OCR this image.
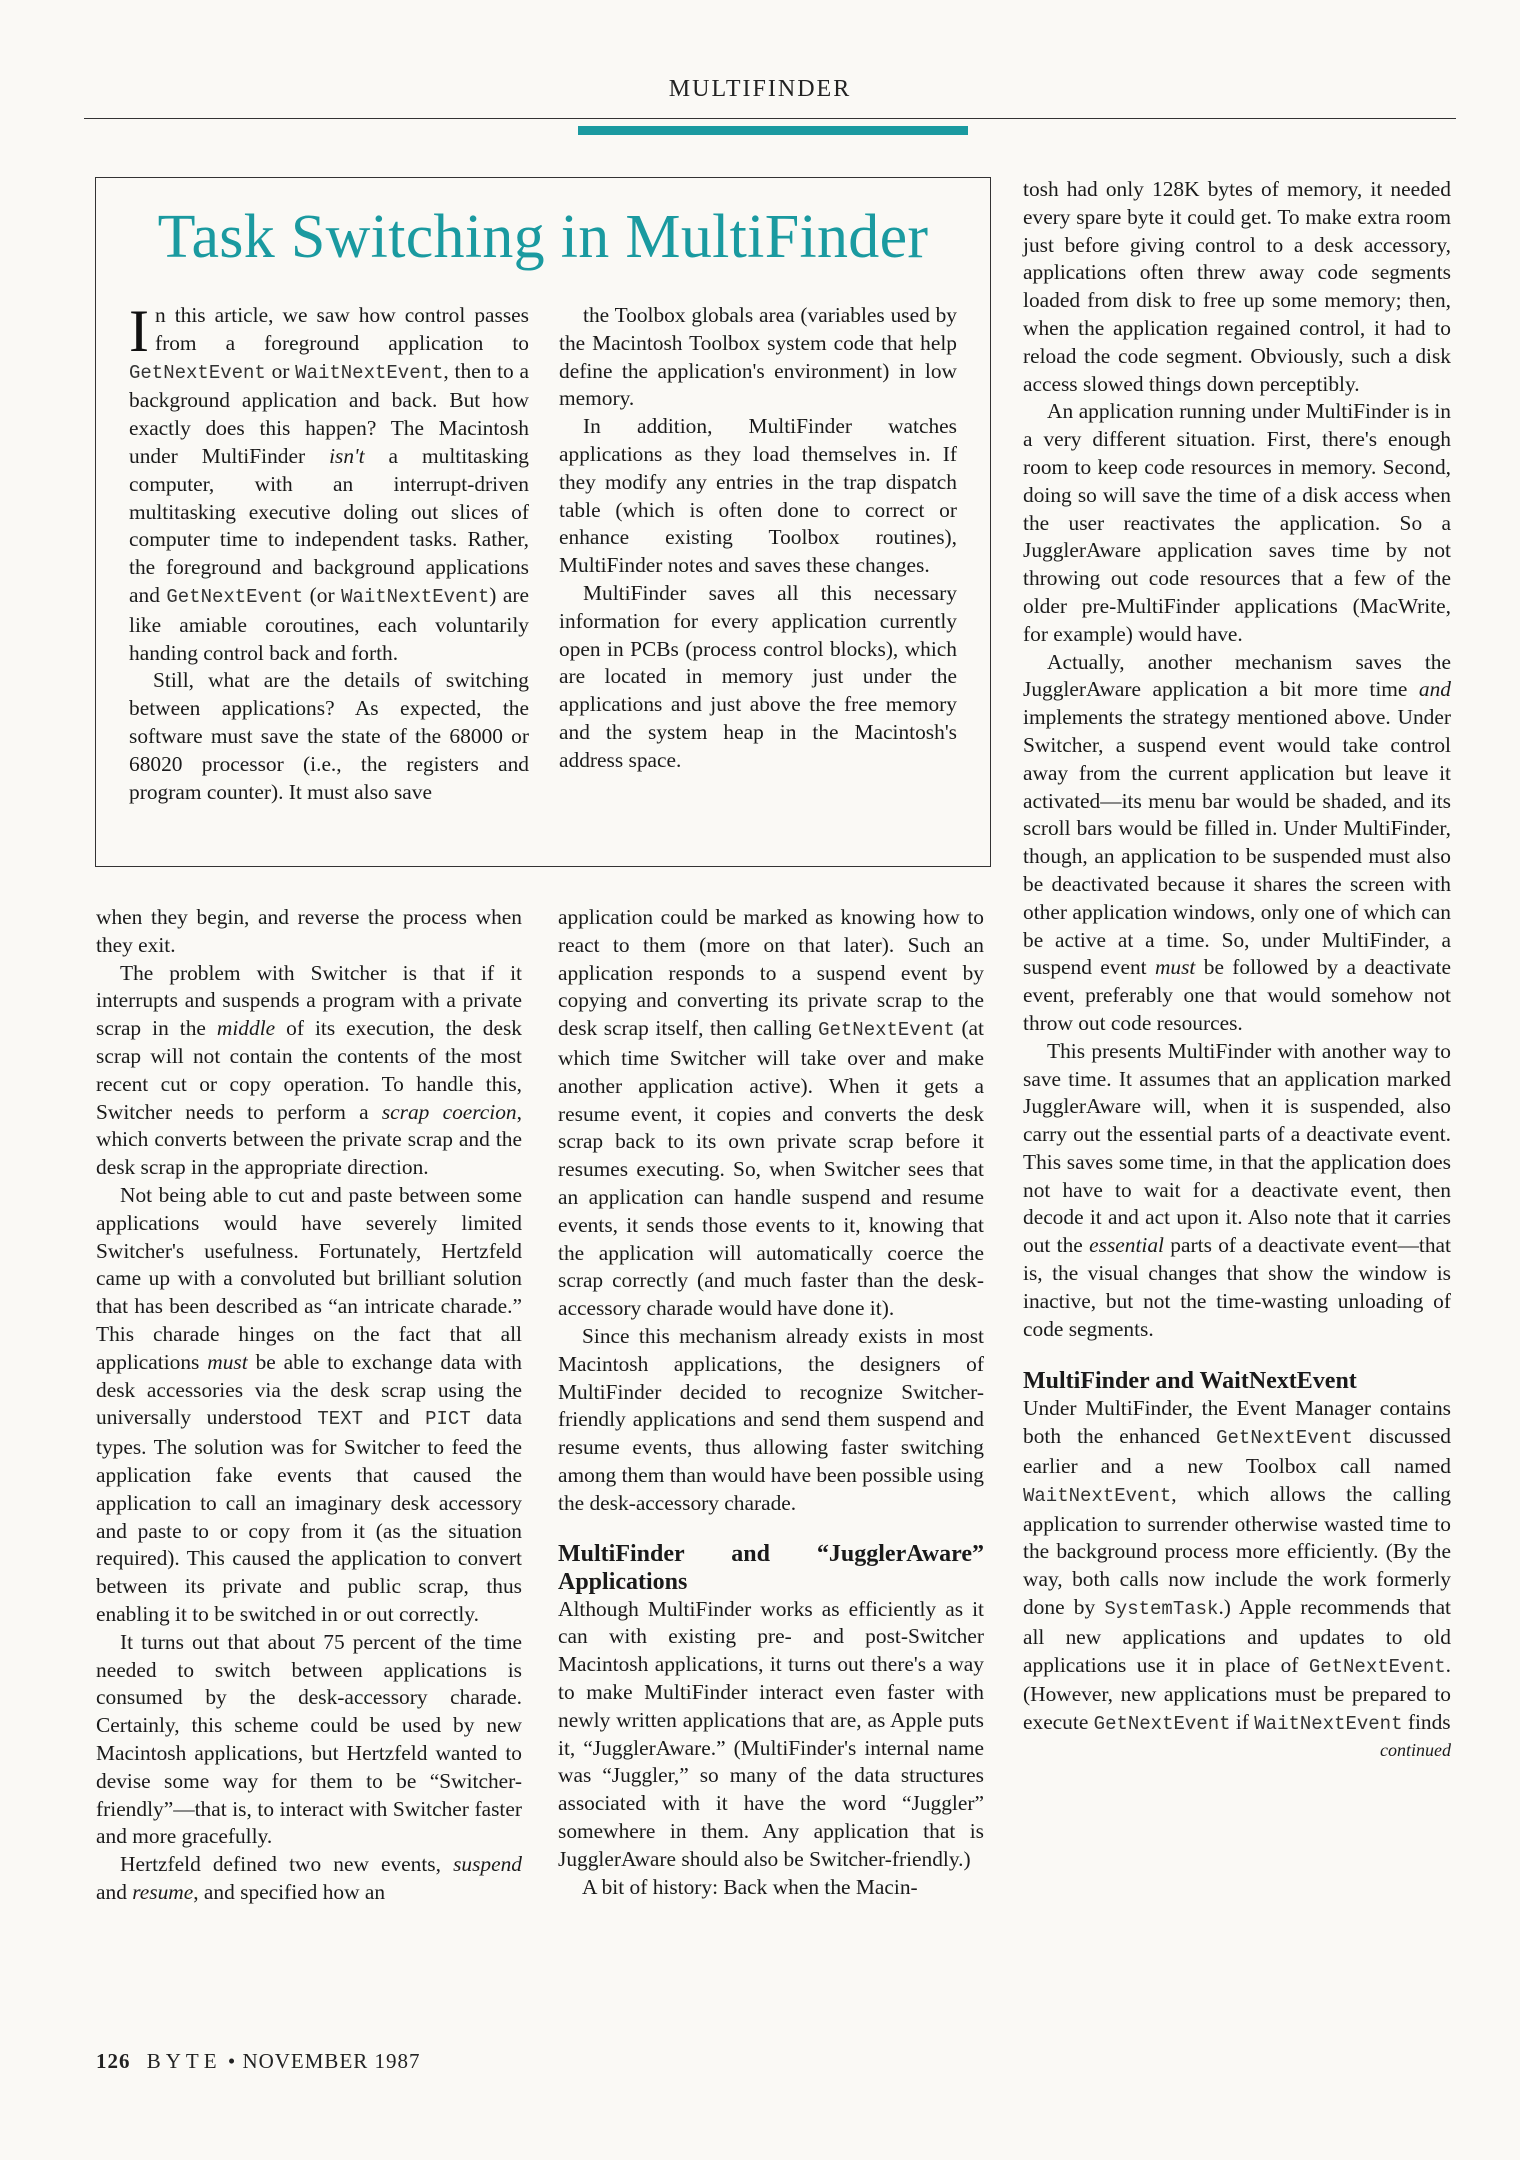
MULTIFINDER
Task Switching in MultiFinder
I n this article, we saw how control passes from a foreground application to GetNextEvent or WaitNextEvent, then to a background application and back. But how exactly does this happen? The Macintosh under MultiFinder isn't a multitasking computer, with an interrupt-driven multitasking executive doling out slices of computer time to independent tasks. Rather, the foreground and background applications and GetNextEvent (or WaitNextEvent) are like amiable coroutines, each voluntarily handing control back and forth.

Still, what are the details of switching between applications? As expected, the software must save the state of the 68000 or 68020 processor (i.e., the registers and program counter). It must also save

the Toolbox globals area (variables used by the Macintosh Toolbox system code that help define the application's environment) in low memory.

In addition, MultiFinder watches applications as they load themselves in. If they modify any entries in the trap dispatch table (which is often done to correct or enhance existing Toolbox routines), MultiFinder notes and saves these changes.

MultiFinder saves all this necessary information for every application currently open in PCBs (process control blocks), which are located in memory just under the applications and just above the free memory and the system heap in the Macintosh's address space.

when they begin, and reverse the process when they exit.

The problem with Switcher is that if it interrupts and suspends a program with a private scrap in the middle of its execution, the desk scrap will not contain the contents of the most recent cut or copy operation. To handle this, Switcher needs to perform a scrap coercion, which converts between the private scrap and the desk scrap in the appropriate direction.

Not being able to cut and paste between some applications would have severely limited Switcher's usefulness. Fortunately, Hertzfeld came up with a convoluted but brilliant solution that has been described as “an intricate charade.” This charade hinges on the fact that all applications must be able to exchange data with desk accessories via the desk scrap using the universally understood TEXT and PICT data types. The solution was for Switcher to feed the application fake events that caused the application to call an imaginary desk accessory and paste to or copy from it (as the situation required). This caused the application to convert between its private and public scrap, thus enabling it to be switched in or out correctly.

It turns out that about 75 percent of the time needed to switch between applications is consumed by the desk-accessory charade. Certainly, this scheme could be used by new Macintosh applications, but Hertzfeld wanted to devise some way for them to be “Switcher-friendly”—that is, to interact with Switcher faster and more gracefully.

Hertzfeld defined two new events, suspend and resume, and specified how an

application could be marked as knowing how to react to them (more on that later). Such an application responds to a suspend event by copying and converting its private scrap to the desk scrap itself, then calling GetNextEvent (at which time Switcher will take over and make another application active). When it gets a resume event, it copies and converts the desk scrap back to its own private scrap before it resumes executing. So, when Switcher sees that an application can handle suspend and resume events, it sends those events to it, knowing that the application will automatically coerce the scrap correctly (and much faster than the desk-accessory charade would have done it).

Since this mechanism already exists in most Macintosh applications, the designers of MultiFinder decided to recognize Switcher-friendly applications and send them suspend and resume events, thus allowing faster switching among them than would have been possible using the desk-accessory charade.

MultiFinder and “JugglerAware” Applications

Although MultiFinder works as efficiently as it can with existing pre- and post-Switcher Macintosh applications, it turns out there's a way to make MultiFinder interact even faster with newly written applications that are, as Apple puts it, “JugglerAware.” (MultiFinder's internal name was “Juggler,” so many of the data structures associated with it have the word “Juggler” somewhere in them. Any application that is JugglerAware should also be Switcher-friendly.)

A bit of history: Back when the Macin-

tosh had only 128K bytes of memory, it needed every spare byte it could get. To make extra room just before giving control to a desk accessory, applications often threw away code segments loaded from disk to free up some memory; then, when the application regained control, it had to reload the code segment. Obviously, such a disk access slowed things down perceptibly.

An application running under MultiFinder is in a very different situation. First, there's enough room to keep code resources in memory. Second, doing so will save the time of a disk access when the user reactivates the application. So a JugglerAware application saves time by not throwing out code resources that a few of the older pre-MultiFinder applications (MacWrite, for example) would have.

Actually, another mechanism saves the JugglerAware application a bit more time and implements the strategy mentioned above. Under Switcher, a suspend event would take control away from the current application but leave it activated—its menu bar would be shaded, and its scroll bars would be filled in. Under MultiFinder, though, an application to be suspended must also be deactivated because it shares the screen with other application windows, only one of which can be active at a time. So, under MultiFinder, a suspend event must be followed by a deactivate event, preferably one that would somehow not throw out code resources.

This presents MultiFinder with another way to save time. It assumes that an application marked JugglerAware will, when it is suspended, also carry out the essential parts of a deactivate event. This saves some time, in that the application does not have to wait for a deactivate event, then decode it and act upon it. Also note that it carries out the essential parts of a deactivate event—that is, the visual changes that show the window is inactive, but not the time-wasting unloading of code segments.

MultiFinder and WaitNextEvent

Under MultiFinder, the Event Manager contains both the enhanced GetNextEvent discussed earlier and a new Toolbox call named WaitNextEvent, which allows the calling application to surrender otherwise wasted time to the background process more efficiently. (By the way, both calls now include the work formerly done by SystemTask.) Apple recommends that all new applications and updates to old applications use it in place of GetNextEvent. (However, new applications must be prepared to execute GetNextEvent if WaitNextEvent finds

continued
126 BYTE • NOVEMBER 1987
